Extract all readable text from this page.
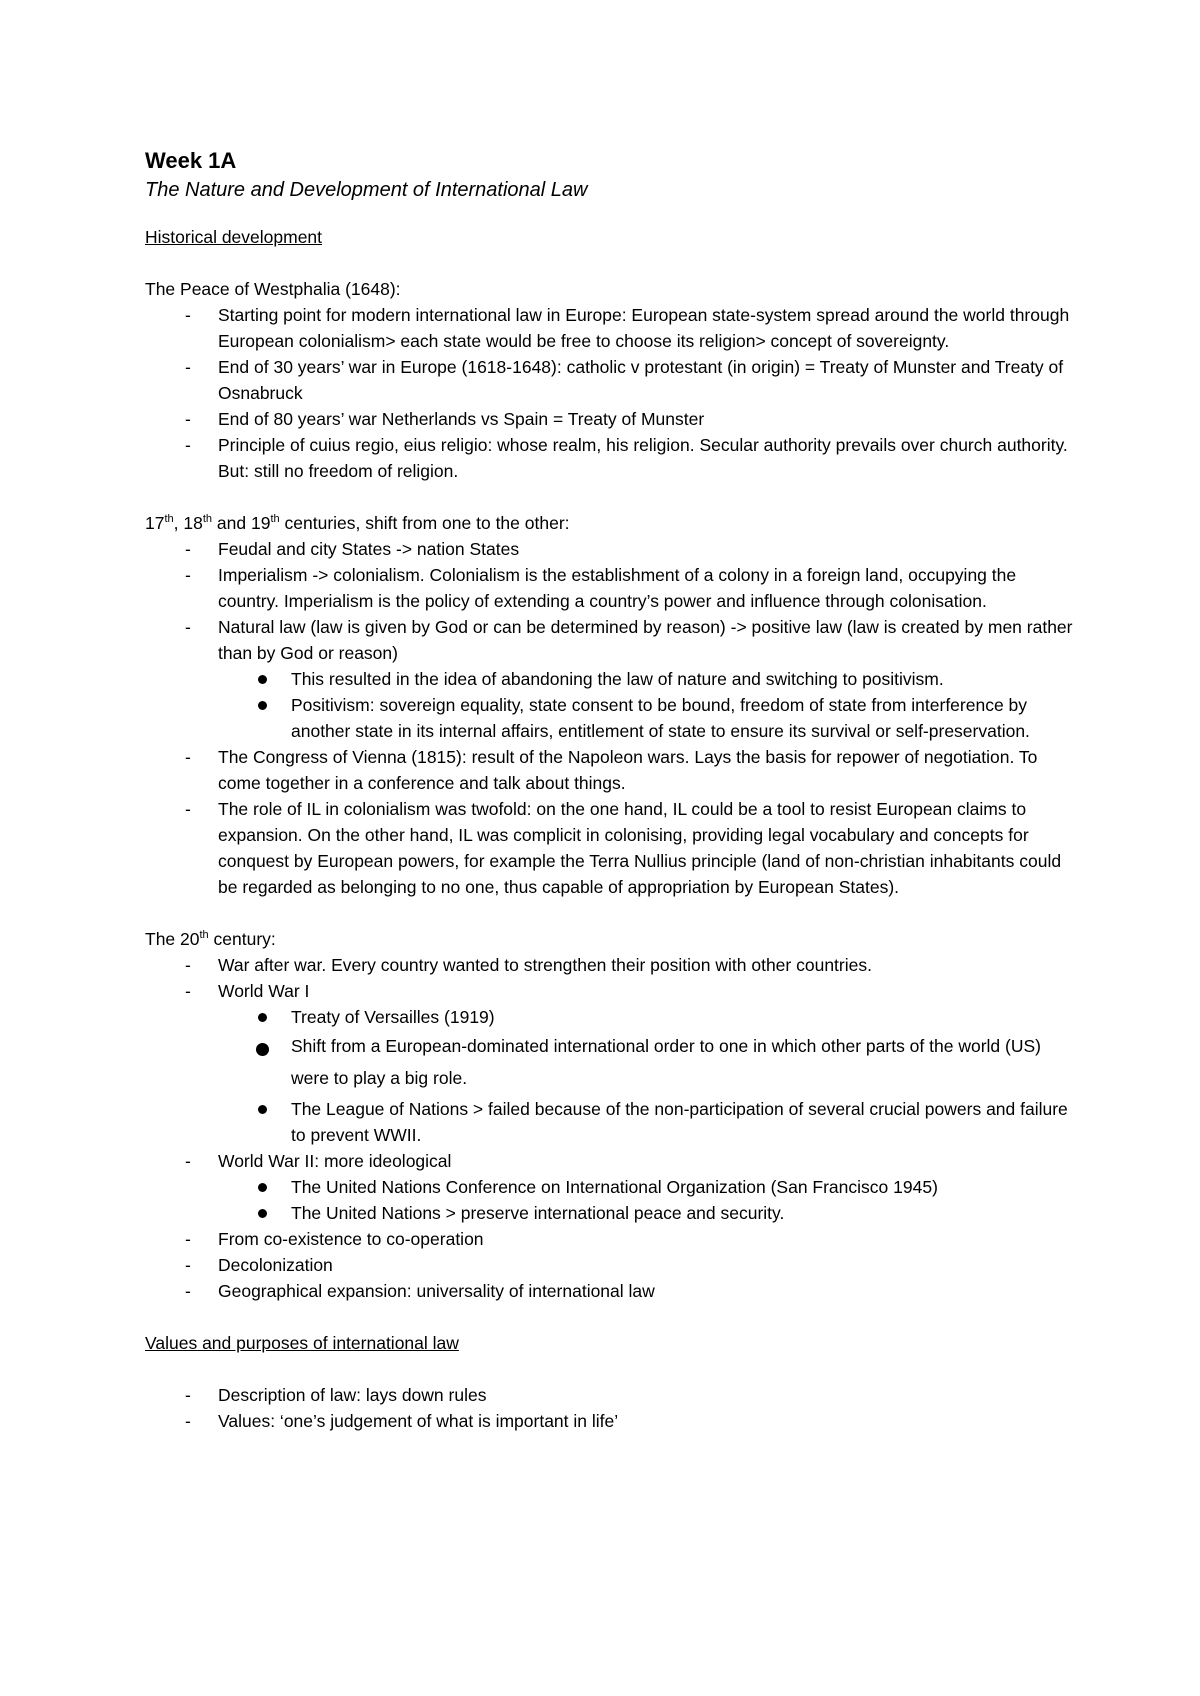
Week 1A

The Nature and Development of International Law

Historical development

The Peace of Westphalia (1648):

- Starting point for modern international law in Europe: European state-system spread around the world through European colonialism> each state would be free to choose its religion> concept of sovereignty.
- End of 30 years’ war in Europe (1618-1648): catholic v protestant (in origin) = Treaty of Munster and Treaty of Osnabruck
- End of 80 years’ war Netherlands vs Spain = Treaty of Munster
- Principle of cuius regio, eius religio: whose realm, his religion. Secular authority prevails over church authority. But: still no freedom of religion.

17th, 18th and 19th centuries, shift from one to the other:

- Feudal and city States -> nation States
- Imperialism -> colonialism. Colonialism is the establishment of a colony in a foreign land, occupying the country. Imperialism is the policy of extending a country’s power and influence through colonisation.
- Natural law (law is given by God or can be determined by reason) -> positive law (law is created by men rather than by God or reason)
This resulted in the idea of abandoning the law of nature and switching to positivism.
Positivism: sovereign equality, state consent to be bound, freedom of state from interference by another state in its internal affairs, entitlement of state to ensure its survival or self-preservation.
- The Congress of Vienna (1815): result of the Napoleon wars. Lays the basis for repower of negotiation. To come together in a conference and talk about things.
- The role of IL in colonialism was twofold: on the one hand, IL could be a tool to resist European claims to expansion. On the other hand, IL was complicit in colonising, providing legal vocabulary and concepts for conquest by European powers, for example the Terra Nullius principle (land of non-christian inhabitants could be regarded as belonging to no one, thus capable of appropriation by European States).

The 20th century:

- War after war. Every country wanted to strengthen their position with other countries.
- World War I
Treaty of Versailles (1919)
Shift from a European-dominated international order to one in which other parts of the world (US) were to play a big role.
The League of Nations > failed because of the non-participation of several crucial powers and failure to prevent WWII.
- World War II: more ideological
The United Nations Conference on International Organization (San Francisco 1945)
The United Nations > preserve international peace and security.
- From co-existence to co-operation
- Decolonization
- Geographical expansion: universality of international law

Values and purposes of international law

- Description of law: lays down rules
- Values: ‘one’s judgement of what is important in life’
